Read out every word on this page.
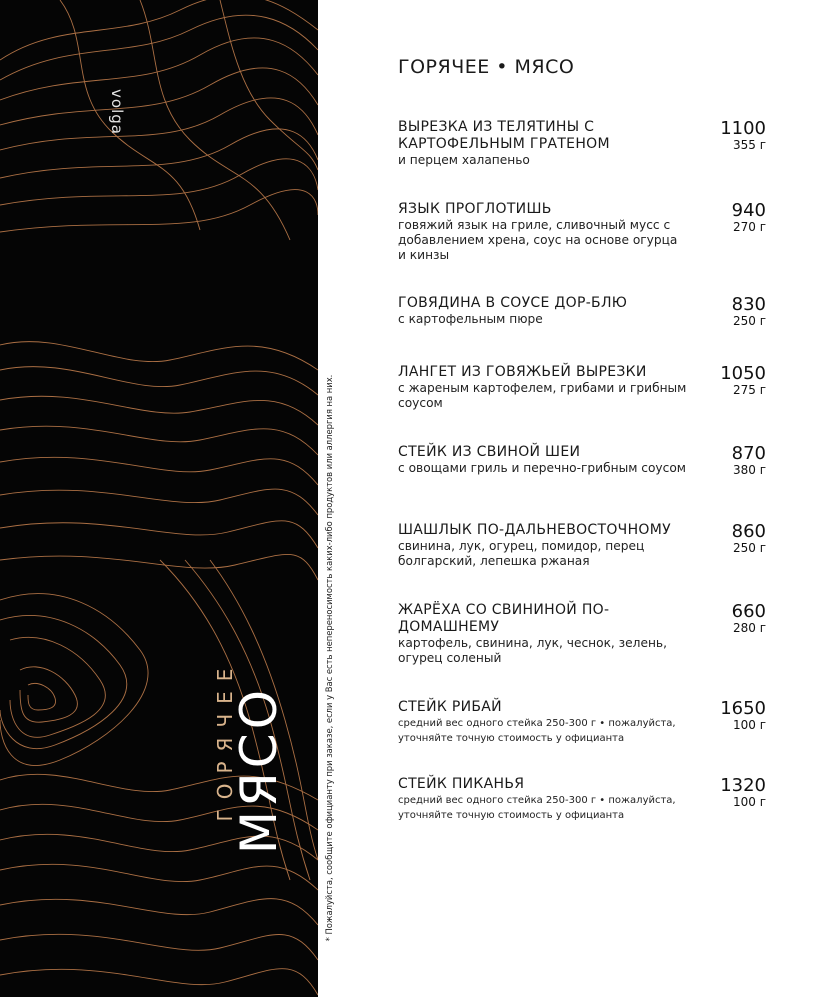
volga
ГОРЯЧЕЕ
МЯСО	* Пожалуйста, сообщите официанту при заказе, если у Вас есть непереносимость каких-либо продуктов или аллергия на них.
ГОРЯЧЕЕ • МЯСО
ВЫРЕЗКА ИЗ ТЕЛЯТИНЫ С КАРТОФЕЛЬНЫМ ГРАТЕНОМ
и перцем халапеньо
1100
355 г
ЯЗЫК ПРОГЛОТИШЬ
говяжий язык на гриле, сливочный мусс с добавлением хрена, соус на основе огурца и кинзы
940
270 г
ГОВЯДИНА В СОУСЕ ДОР-БЛЮ
с картофельным пюре
830
250 г
ЛАНГЕТ ИЗ ГОВЯЖЬЕЙ ВЫРЕЗКИ
с жареным картофелем, грибами и грибным соусом
1050
275 г
СТЕЙК ИЗ СВИНОЙ ШЕИ
с овощами гриль и перечно-грибным соусом
870
380 г
ШАШЛЫК ПО-ДАЛЬНЕВОСТОЧНОМУ
свинина, лук, огурец, помидор, перец болгарский, лепешка ржаная
860
250 г
ЖАРЁХА СО СВИНИНОЙ ПО-ДОМАШНЕМУ
картофель, свинина, лук, чеснок, зелень, огурец соленый
660
280 г
СТЕЙК РИБАЙ
средний вес одного стейка 250-300 г • пожалуйста, уточняйте точную стоимость у официанта
1650
100 г
СТЕЙК ПИКАНЬЯ
средний вес одного стейка 250-300 г • пожалуйста, уточняйте точную стоимость у официанта
1320
100 г
